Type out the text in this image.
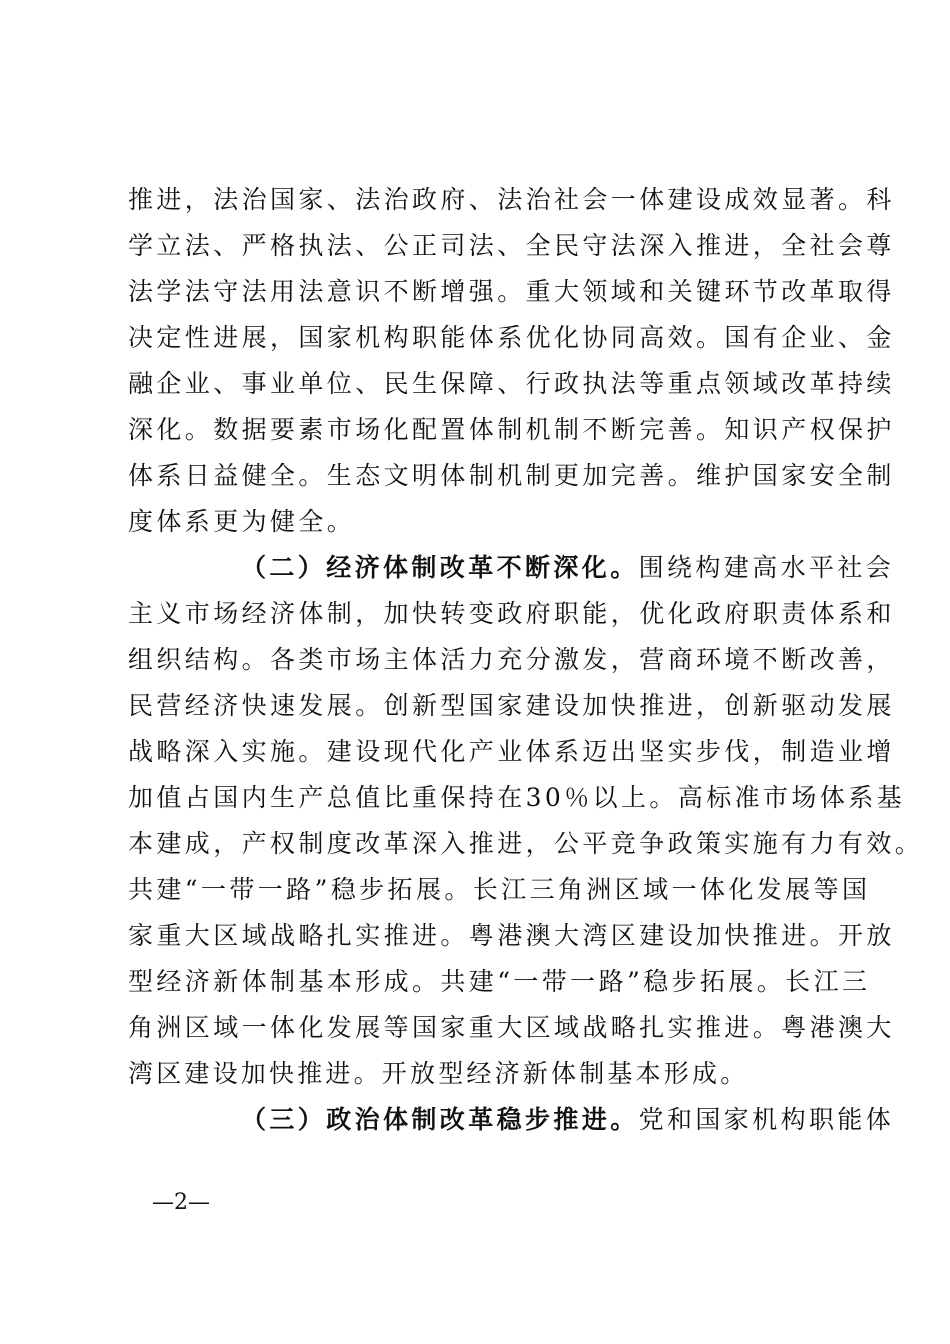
推进，法治国家、法治政府、法治社会一体建设成效显著。科
学立法、严格执法、公正司法、全民守法深入推进，全社会尊
法学法守法用法意识不断增强。重大领域和关键环节改革取得
决定性进展，国家机构职能体系优化协同高效。国有企业、金
融企业、事业单位、民生保障、行政执法等重点领域改革持续
深化。数据要素市场化配置体制机制不断完善。知识产权保护
体系日益健全。生态文明体制机制更加完善。维护国家安全制
度体系更为健全。
（二）经济体制改革不断深化。围绕构建高水平社会
主义市场经济体制，加快转变政府职能，优化政府职责体系和
组织结构。各类市场主体活力充分激发，营商环境不断改善，
民营经济快速发展。创新型国家建设加快推进，创新驱动发展
战略深入实施。建设现代化产业体系迈出坚实步伐，制造业增
加值占国内生产总值比重保持在30％以上。高标准市场体系基
本建成，产权制度改革深入推进，公平竞争政策实施有力有效。
共建“一带一路”稳步拓展。长江三角洲区域一体化发展等国
家重大区域战略扎实推进。粤港澳大湾区建设加快推进。开放
型经济新体制基本形成。共建“一带一路”稳步拓展。长江三
角洲区域一体化发展等国家重大区域战略扎实推进。粤港澳大
湾区建设加快推进。开放型经济新体制基本形成。
（三）政治体制改革稳步推进。党和国家机构职能体
—2—
